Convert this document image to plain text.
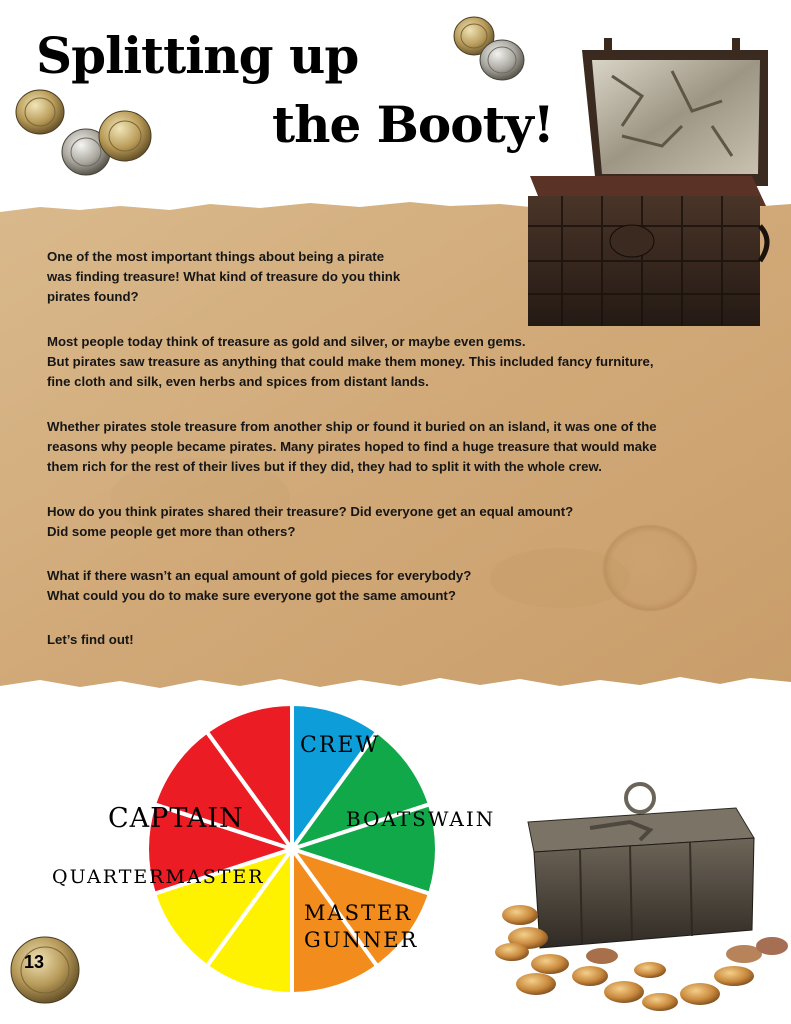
Splitting up
the Booty!

One of the most important things about being a pirate
was finding treasure! What kind of treasure do you think
pirates found?

Most people today think of treasure as gold and silver, or maybe even gems.
But pirates saw treasure as anything that could make them money. This included fancy furniture,
fine cloth and silk, even herbs and spices from distant lands.

Whether pirates stole treasure from another ship or found it buried on an island, it was one of the
reasons why people became pirates. Many pirates hoped to find a huge treasure that would make
them rich for the rest of their lives but if they did, they had to split it with the whole crew.

How do you think pirates shared their treasure? Did everyone get an equal amount?
Did some people get more than others?

What if there wasn’t an equal amount of gold pieces for everybody?
What could you do to make sure everyone got the same amount?

Let’s find out!

CREW
BOATSWAIN
CAPTAIN
QUARTERMASTER
MASTER
GUNNER
13
